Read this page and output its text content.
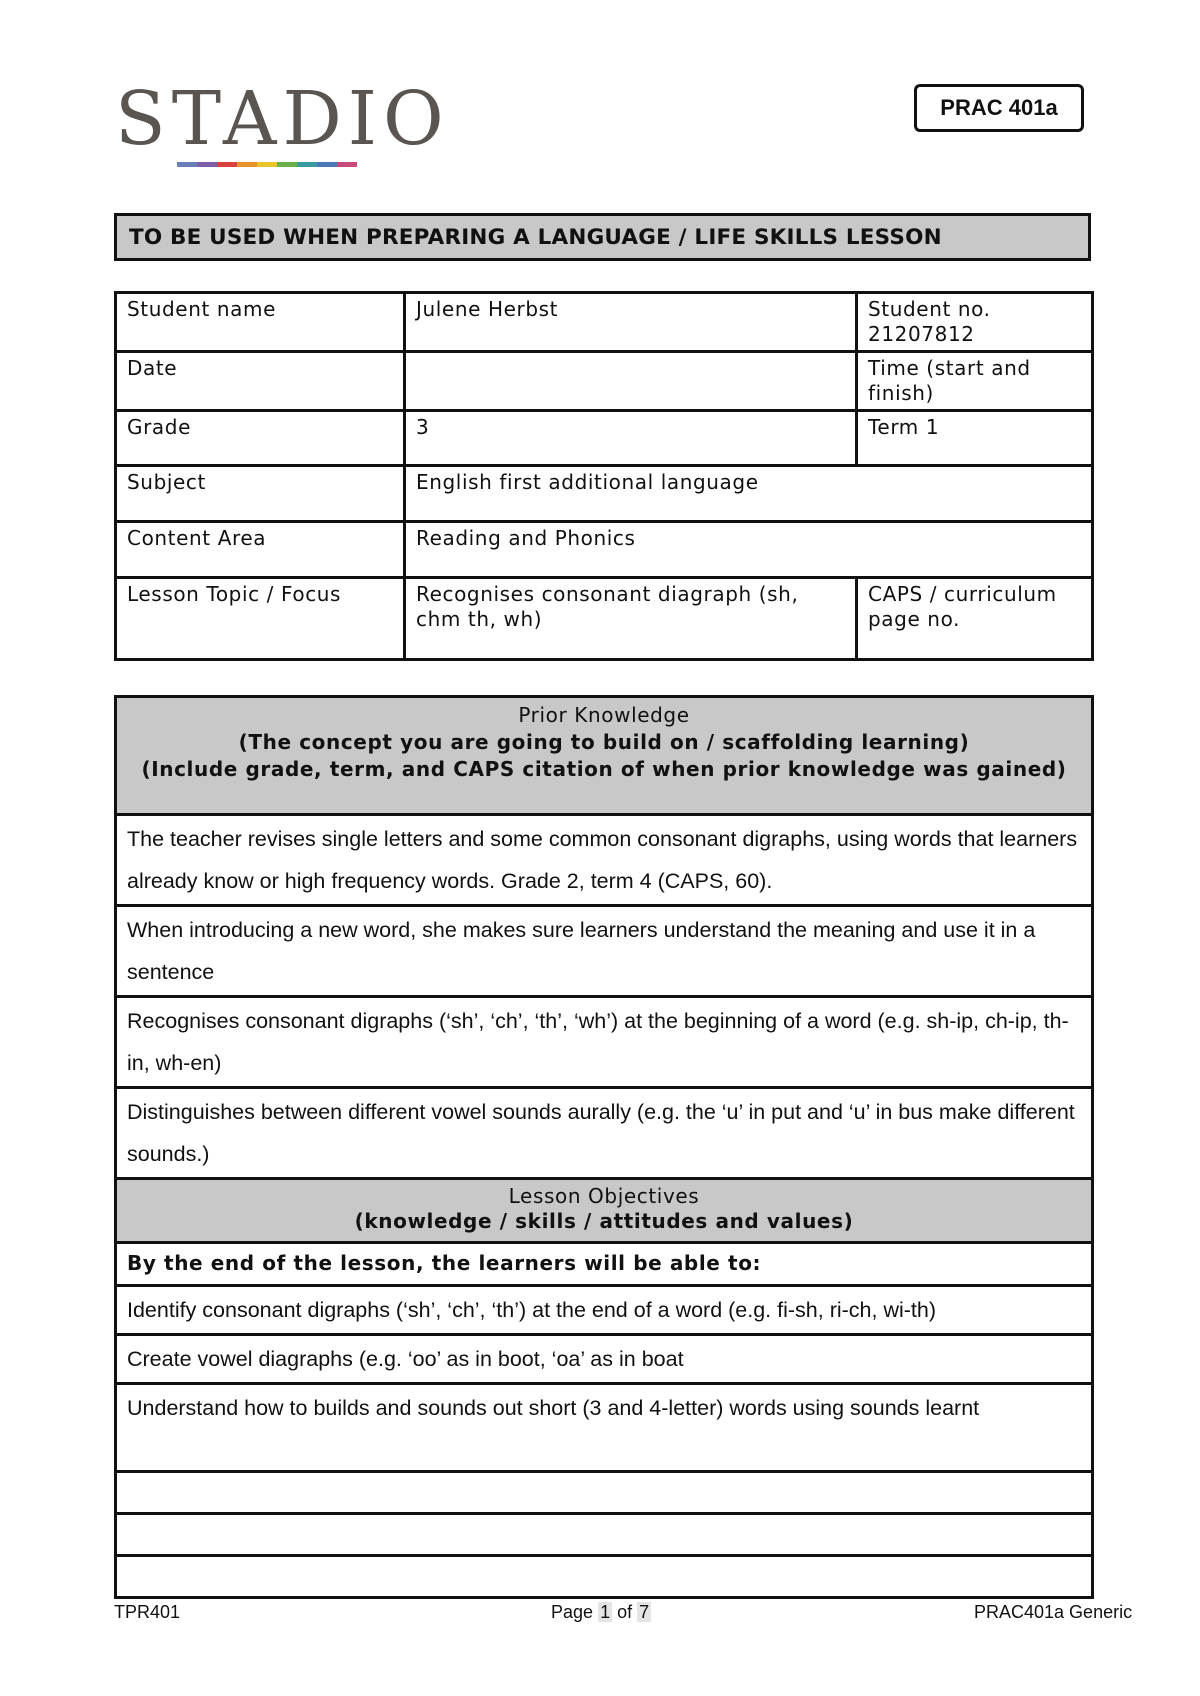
STADIO	PRAC 401a
TO BE USED WHEN PREPARING A LANGUAGE / LIFE SKILLS LESSON
Student name	Julene Herbst	Student no.
21207812
Date		Time (start and finish)
Grade	3	Term 1
Subject	English first additional language	
Content Area	Reading and Phonics	
Lesson Topic / Focus	Recognises consonant diagraph (sh, chm th, wh)	CAPS / curriculum page no.
Prior Knowledge
(The concept you are going to build on / scaffolding learning)
(Include grade, term, and CAPS citation of when prior knowledge was gained)

The teacher revises single letters and some common consonant digraphs, using words that learners already know or high frequency words. Grade 2, term 4 (CAPS, 60).
When introducing a new word, she makes sure learners understand the meaning and use it in a sentence
Recognises consonant digraphs (‘sh’, ‘ch’, ‘th’, ‘wh’) at the beginning of a word (e.g. sh-ip, ch-ip, th-in, wh-en)
Distinguishes between different vowel sounds aurally (e.g. the ‘u’ in put and ‘u’ in bus make different sounds.)

Lesson Objectives
(knowledge / skills / attitudes and values)

By the end of the lesson, the learners will be able to:
Identify consonant digraphs (‘sh’, ‘ch’, ‘th’) at the end of a word (e.g. fi-sh, ri-ch, wi-th)
Create vowel diagraphs (e.g. ‘oo’ as in boot, ‘oa’ as in boat
Understand how to builds and sounds out short (3 and 4-letter) words using sounds learnt

TPR401	Page 1 of 7	PRAC401a Generic
